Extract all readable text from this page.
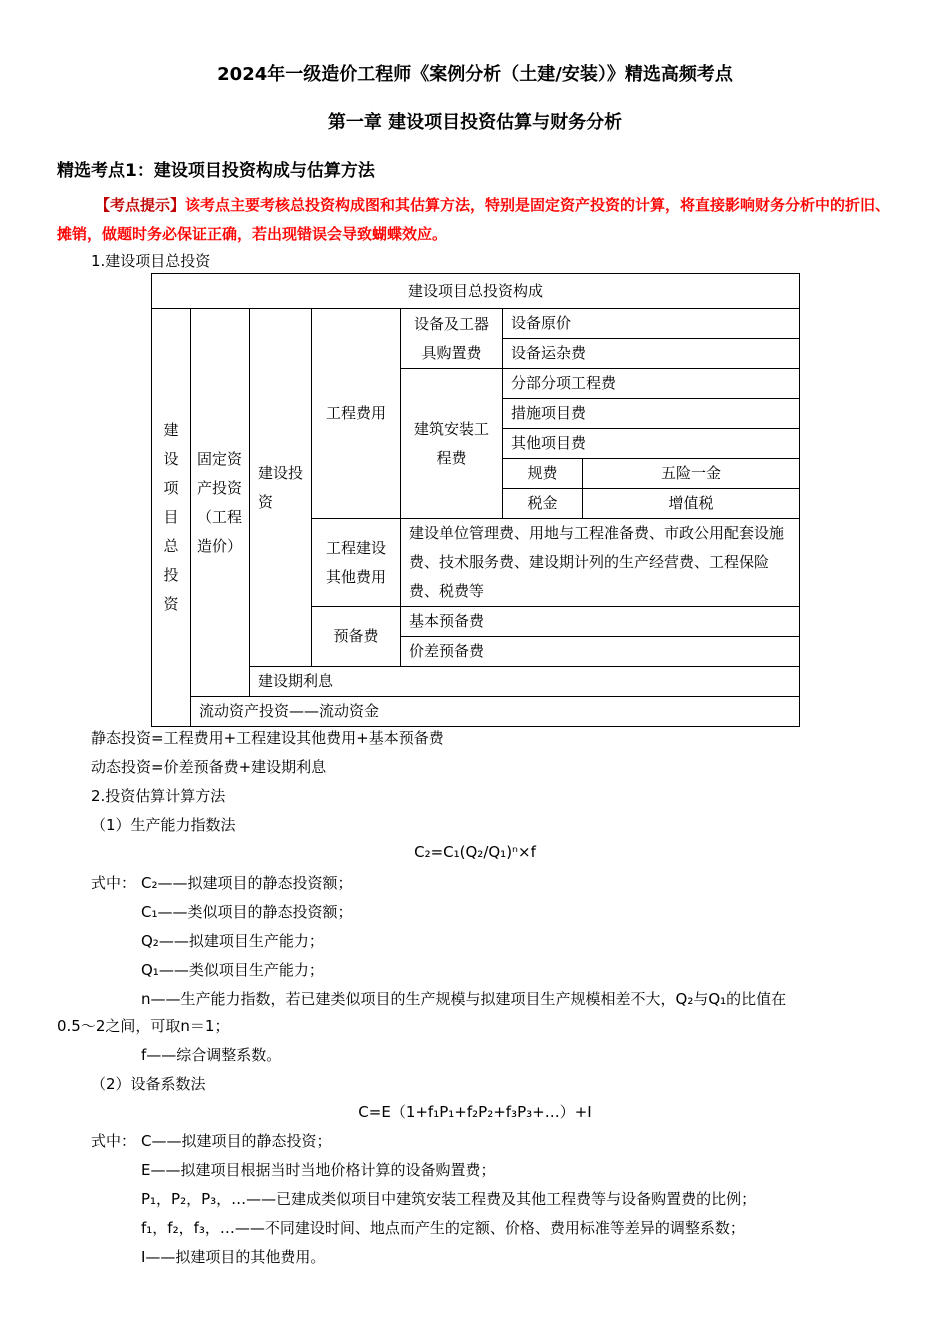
2024年一级造价工程师《案例分析（土建/安装）》精选高频考点
第一章 建设项目投资估算与财务分析
精选考点1：建设项目投资构成与估算方法
【考点提示】该考点主要考核总投资构成图和其估算方法，特别是固定资产投资的计算，将直接影响财务分析中的折旧、摊销，做题时务必保证正确，若出现错误会导致蝴蝶效应。
1.建设项目总投资
建设项目总投资构成						

建设项目总投资	固定资产投资（工程造价）	建设投资	工程费用	设备及工器具购置费	设备原价	
					设备运杂费	
				建筑安装工程费	分部分项工程费	
					措施项目费	
					其他项目费	
					规费	五险一金
					税金	增值税
			工程建设其他费用	建设单位管理费、用地与工程准备费、市政公用配套设施费、技术服务费、建设期计列的生产经营费、工程保险费、税费等		
			预备费	基本预备费		
				价差预备费		
		建设期利息				
	流动资产投资——流动资金					
静态投资=工程费用+工程建设其他费用+基本预备费
动态投资=价差预备费+建设期利息
2.投资估算计算方法
（1）生产能力指数法
C₂=C₁(Q₂/Q₁)ⁿ×f
式中： C₂——拟建项目的静态投资额；
C₁——类似项目的静态投资额；
Q₂——拟建项目生产能力；
Q₁——类似项目生产能力；
n——生产能力指数，若已建类似项目的生产规模与拟建项目生产规模相差不大，Q₂与Q₁的比值在
0.5～2之间，可取n＝1；
f——综合调整系数。
（2）设备系数法
C=E（1+f₁P₁+f₂P₂+f₃P₃+…）+I
式中： C——拟建项目的静态投资；
E——拟建项目根据当时当地价格计算的设备购置费；
P₁，P₂，P₃，…——已建成类似项目中建筑安装工程费及其他工程费等与设备购置费的比例；
f₁，f₂，f₃，…——不同建设时间、地点而产生的定额、价格、费用标准等差异的调整系数；
I——拟建项目的其他费用。
